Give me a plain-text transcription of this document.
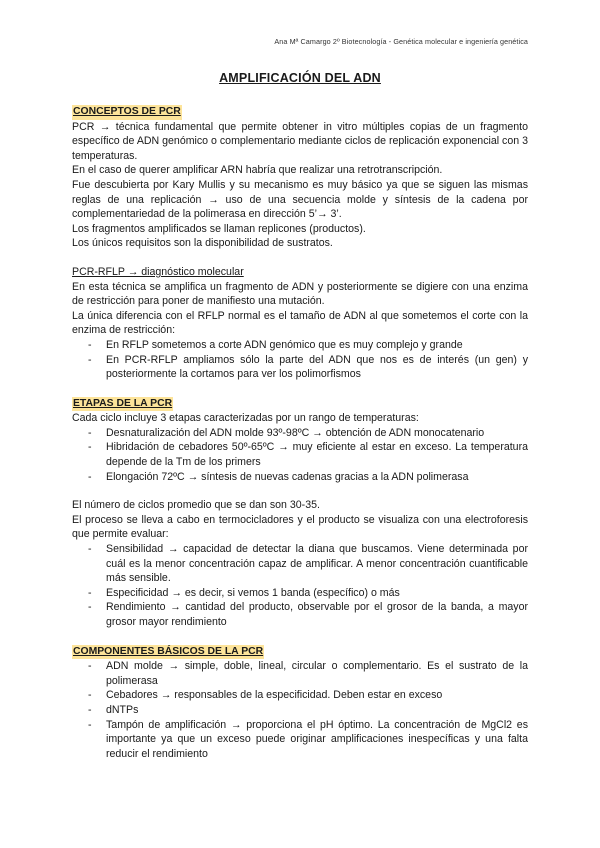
Ana Mª Camargo 2º Biotecnología - Genética molecular e ingeniería genética
AMPLIFICACIÓN DEL ADN
CONCEPTOS DE PCR

PCR → técnica fundamental que permite obtener in vitro múltiples copias de un fragmento específico de ADN genómico o complementario mediante ciclos de replicación exponencial con 3 temperaturas.

En el caso de querer amplificar ARN habría que realizar una retrotranscripción.

Fue descubierta por Kary Mullis y su mecanismo es muy básico ya que se siguen las mismas reglas de una replicación → uso de una secuencia molde y síntesis de la cadena por complementariedad de la polimerasa en dirección 5’→ 3’.

Los fragmentos amplificados se llaman replicones (productos).

Los únicos requisitos son la disponibilidad de sustratos.

PCR-RFLP → diagnóstico molecular

En esta técnica se amplifica un fragmento de ADN y posteriormente se digiere con una enzima de restricción para poner de manifiesto una mutación.

La única diferencia con el RFLP normal es el tamaño de ADN al que sometemos el corte con la enzima de restricción:

- En RFLP sometemos a corte ADN genómico que es muy complejo y grande
- En PCR-RFLP ampliamos sólo la parte del ADN que nos es de interés (un gen) y posteriormente la cortamos para ver los polimorfismos
ETAPAS DE LA PCR

Cada ciclo incluye 3 etapas caracterizadas por un rango de temperaturas:

- Desnaturalización del ADN molde 93º-98ºC → obtención de ADN monocatenario
- Hibridación de cebadores 50º-65ºC → muy eficiente al estar en exceso. La temperatura depende de la Tm de los primers
- Elongación 72ºC → síntesis de nuevas cadenas gracias a la ADN polimerasa

El número de ciclos promedio que se dan son 30-35.

El proceso se lleva a cabo en termocicladores y el producto se visualiza con una electroforesis que permite evaluar:

- Sensibilidad → capacidad de detectar la diana que buscamos. Viene determinada por cuál es la menor concentración capaz de amplificar. A menor concentración cuantificable más sensible.
- Especificidad → es decir, si vemos 1 banda (específico) o más
- Rendimiento → cantidad del producto, observable por el grosor de la banda, a mayor grosor mayor rendimiento
COMPONENTES BÁSICOS DE LA PCR
- ADN molde → simple, doble, lineal, circular o complementario. Es el sustrato de la polimerasa
- Cebadores → responsables de la especificidad. Deben estar en exceso
- dNTPs
- Tampón de amplificación → proporciona el pH óptimo. La concentración de MgCl2 es importante ya que un exceso puede originar amplificaciones inespecíficas y una falta reducir el rendimiento
